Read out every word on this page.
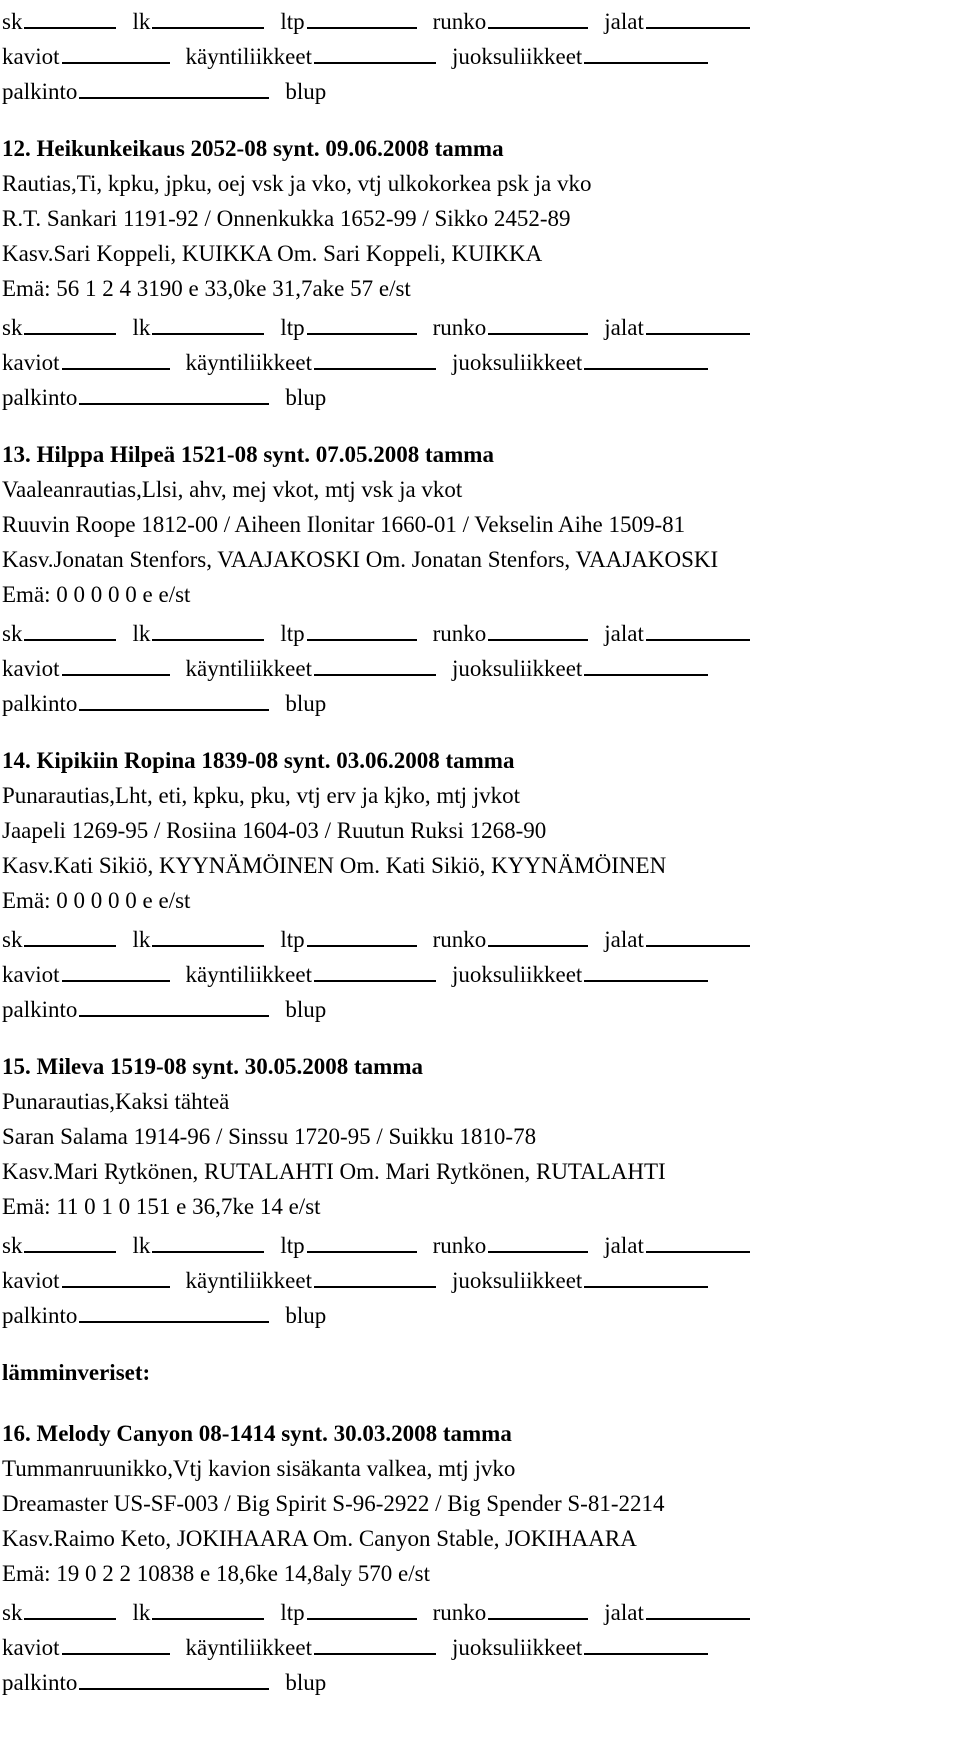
sk	lk	ltp	runko	jalat
kaviot	käyntiliikkeet	juoksuliikkeet
palkinto	blup
12. Heikunkeikaus 2052-08 synt. 09.06.2008 tamma
Rautias,Ti, kpku, jpku, oej vsk ja vko, vtj ulkokorkea psk ja vko
R.T. Sankari 1191-92 / Onnenkukka 1652-99 / Sikko 2452-89
Kasv.Sari Koppeli, KUIKKA Om. Sari Koppeli, KUIKKA
Emä: 56 1 2 4 3190 e 33,0ke 31,7ake 57 e/st
sk	lk	ltp	runko	jalat
kaviot	käyntiliikkeet	juoksuliikkeet
palkinto	blup
13. Hilppa Hilpeä 1521-08 synt. 07.05.2008 tamma
Vaaleanrautias,Llsi, ahv, mej vkot, mtj vsk ja vkot
Ruuvin Roope 1812-00 / Aiheen Ilonitar 1660-01 / Vekselin Aihe 1509-81
Kasv.Jonatan Stenfors, VAAJAKOSKI Om. Jonatan Stenfors, VAAJAKOSKI
Emä: 0 0 0 0 0 e e/st
sk	lk	ltp	runko	jalat
kaviot	käyntiliikkeet	juoksuliikkeet
palkinto	blup
14. Kipikiin Ropina 1839-08 synt. 03.06.2008 tamma
Punarautias,Lht, eti, kpku, pku, vtj erv ja kjko, mtj jvkot
Jaapeli 1269-95 / Rosiina 1604-03 / Ruutun Ruksi 1268-90
Kasv.Kati Sikiö, KYYNÄMÖINEN Om. Kati Sikiö, KYYNÄMÖINEN
Emä: 0 0 0 0 0 e e/st
sk	lk	ltp	runko	jalat
kaviot	käyntiliikkeet	juoksuliikkeet
palkinto	blup
15. Mileva 1519-08 synt. 30.05.2008 tamma
Punarautias,Kaksi tähteä
Saran Salama 1914-96 / Sinssu 1720-95 / Suikku 1810-78
Kasv.Mari Rytkönen, RUTALAHTI Om. Mari Rytkönen, RUTALAHTI
Emä: 11 0 1 0 151 e 36,7ke 14 e/st
sk	lk	ltp	runko	jalat
kaviot	käyntiliikkeet	juoksuliikkeet
palkinto	blup
lämminveriset:
16. Melody Canyon 08-1414 synt. 30.03.2008 tamma
Tummanruunikko,Vtj kavion sisäkanta valkea, mtj jvko
Dreamaster US-SF-003 / Big Spirit S-96-2922 / Big Spender S-81-2214
Kasv.Raimo Keto, JOKIHAARA Om. Canyon Stable, JOKIHAARA
Emä: 19 0 2 2 10838 e 18,6ke 14,8aly 570 e/st
sk	lk	ltp	runko	jalat
kaviot	käyntiliikkeet	juoksuliikkeet
palkinto	blup
